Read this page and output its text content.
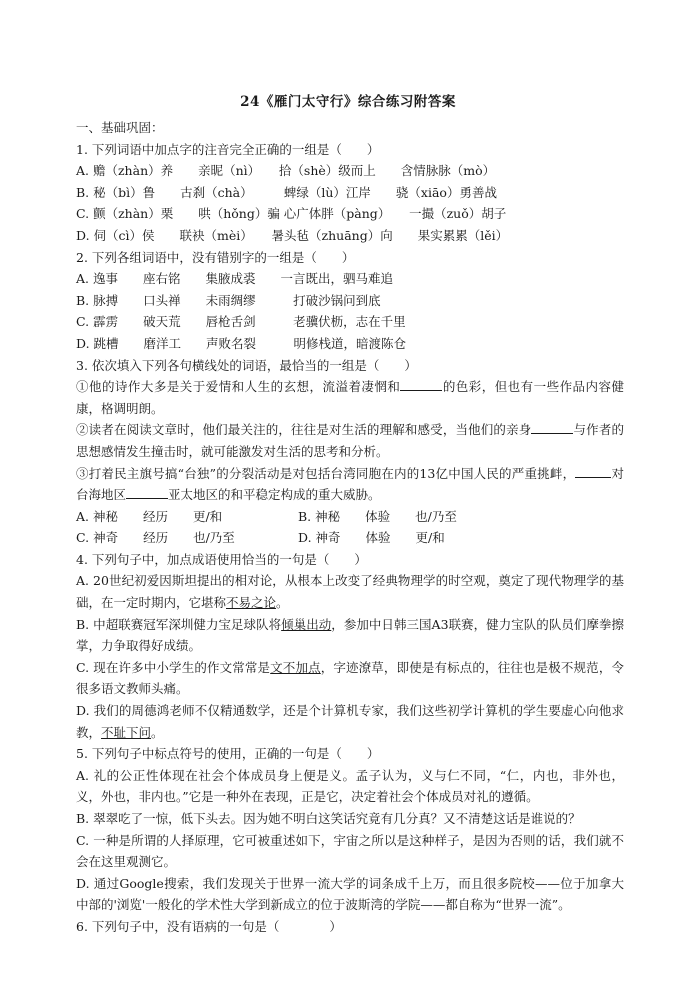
24《雁门太守行》综合练习附答案
一、基础巩固：
1. 下列词语中加点字的注音完全正确的一组是（　　）
A. 赡（zhàn）养　　亲昵（nì）　　拾（shè）级而上　　含情脉脉（mò）
B. 秘（bì）鲁　　古刹（chà）　　　蜱绿（lù）江岸　　骁（xiāo）勇善战
C. 颤（zhàn）栗　　哄（hǒng）骗 心广体胖（pàng）　　一撮（zuǒ）胡子
D. 伺（cì）侯　　联袂（mèi）　　暑头毡（zhuāng）向　　果实累累（lěi）
2. 下列各组词语中，没有错别字的一组是（　　）
A. 逸事　　座右铭　　集腋成裘　　一言既出，驷马难追
B. 脉搏　　口头禅　　未雨绸缪　　　打破沙锅问到底
C. 霹雳　　破天荒　　唇枪舌剑　　　老骥伏枥，志在千里
D. 跳槽　　磨洋工　　声败名裂　　　明修栈道，暗渡陈仓
3. 依次填入下列各句横线处的词语，最恰当的一组是（　　）
①他的诗作大多是关于爱情和人生的玄想，流溢着凄惘和	的色彩，但也有一些作品内容健康，格调明朗。
②读者在阅读文章时，他们最关注的，往往是对生活的理解和感受，当他们的亲身	与作者的思想感情发生撞击时，就可能激发对生活的思考和分析。
③打着民主旗号搞“台独”的分裂活动是对包括台湾同胞在内的13亿中国人民的严重挑衅，	对台海地区	亚太地区的和平稳定构成的重大威胁。
A. 神秘　　经历　　更/和	B. 神秘　　体验　　也/乃至
C. 神奇　　经历　　也/乃至	D. 神奇　　体验　　更/和
4. 下列句子中，加点成语使用恰当的一句是（　　）
A. 20世纪初爱因斯坦提出的相对论，从根本上改变了经典物理学的时空观，奠定了现代物理学的基础，在一定时期内，它堪称不易之论。
B. 中超联赛冠军深圳健力宝足球队将倾巢出动，参加中日韩三国A3联赛，健力宝队的队员们摩拳擦掌，力争取得好成绩。
C. 现在许多中小学生的作文常常是文不加点，字迹潦草，即使是有标点的，往往也是极不规范，令很多语文教师头痛。
D. 我们的周德鸿老师不仅精通数学，还是个计算机专家，我们这些初学计算机的学生要虚心向他求教，不耻下问。
5. 下列句子中标点符号的使用，正确的一句是（　　）
A. 礼的公正性体现在社会个体成员身上便是义。孟子认为，义与仁不同，“仁，内也，非外也，义，外也，非内也。”它是一种外在表现，正是它，决定着社会个体成员对礼的遵循。
B. 翠翠吃了一惊，低下头去。因为她不明白这笑话究竟有几分真？又不清楚这话是谁说的？
C. 一种是所谓的人择原理，它可被重述如下，宇宙之所以是这种样子，是因为否则的话，我们就不会在这里观测它。
D. 通过Google搜索，我们发现关于世界一流大学的词条成千上万，而且很多院校——位于加拿大中部的'浏览'一般化的学术性大学到新成立的位于波斯湾的学院——都自称为“世界一流”。
6. 下列句子中，没有语病的一句是（　　　　）
